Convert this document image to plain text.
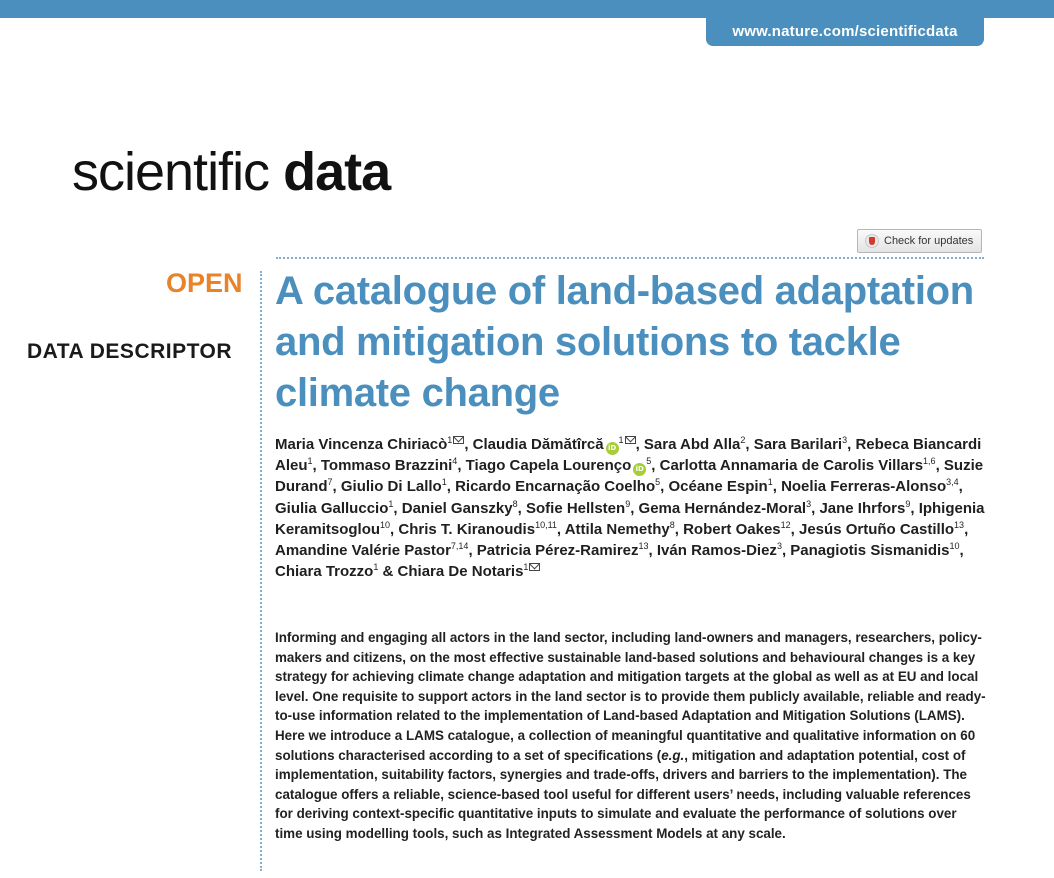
www.nature.com/scientificdata
scientific data
Check for updates
OPEN
DATA DESCRIPTOR
A catalogue of land-based adaptation and mitigation solutions to tackle climate change
Maria Vincenza Chiriacò$^1$ , Claudia Dămătîrcă $iD^1$ , Sara Abd Alla$^2$, Sara Barilari$^3$, Rebeca Biancardi Aleu$^1$, Tommaso Brazzini$^4$, Tiago Capela Lourenço $iD^5$, Carlotta Annamaria de Carolis Villars$^{1,6}$, Suzie Durand$^7$, Giulio Di Lallo$^1$, Ricardo Encarnação Coelho$^5$, Océane Espin$^1$, Noelia Ferreras-Alonso$^{3,4}$, Giulia Galluccio$^1$, Daniel Ganszky$^8$, Sofie Hellsten$^9$, Gema Hernández-Moral$^3$, Jane Ihrfors$^9$, Iphigenia Keramitsoglou$^{10}$, Chris T. Kiranoudis$^{10,11}$, Attila Nemethy$^8$, Robert Oakes$^{12}$, Jesús Ortuño Castillo$^{13}$, Amandine Valérie Pastor$^{7,14}$, Patricia Pérez-Ramirez$^{13}$, Iván Ramos-Diez$^3$, Panagiotis Sismanidis$^{10}$, Chiara Trozzo$^1$ & Chiara De Notaris$^1$

Informing and engaging all actors in the land sector, including land-owners and managers, researchers, policy-makers and citizens, on the most effective sustainable land-based solutions and behavioural changes is a key strategy for achieving climate change adaptation and mitigation targets at the global as well as at EU and local level. One requisite to support actors in the land sector is to provide them publicly available, reliable and ready-to-use information related to the implementation of Land-based Adaptation and Mitigation Solutions (LAMS). Here we introduce a LAMS catalogue, a collection of meaningful quantitative and qualitative information on 60 solutions characterised according to a set of specifications (e.g., mitigation and adaptation potential, cost of implementation, suitability factors, synergies and trade-offs, drivers and barriers to the implementation). The catalogue offers a reliable, science-based tool useful for different users’ needs, including valuable references for deriving context-specific quantitative inputs to simulate and evaluate the performance of solutions over time using modelling tools, such as Integrated Assessment Models at any scale.
